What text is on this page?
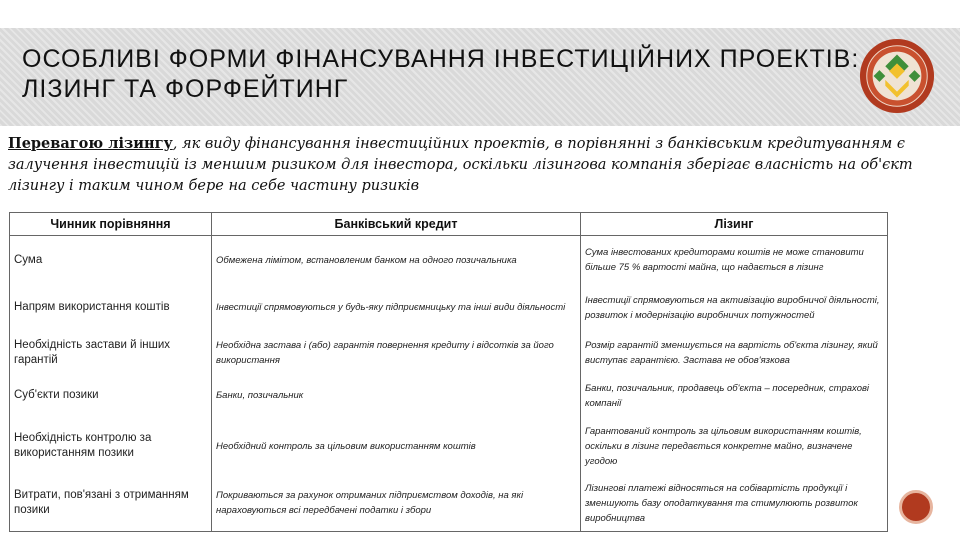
ОСОБЛИВІ ФОРМИ ФІНАНСУВАННЯ ІНВЕСТИЦІЙНИХ ПРОЕКТІВ:
ЛІЗИНГ ТА ФОРФЕЙТИНГ

Перевагою лізингу, як виду фінансування інвестиційних проектів, в порівнянні з банківським кредитуванням є залучення інвестицій із меншим ризиком для інвестора, оскільки лізингова компанія зберігає власність на об'єкт лізингу і таким чином бере на себе частину ризиків

Чинник порівняння	Банківський кредит	Лізинг
Сума	Обмежена лімітом, встановленим банком на одного позичальника	Сума інвестованих кредиторами коштів не може становити більше 75 % вартості майна, що надається в лізинг
Напрям використання коштів	Інвестиції спрямовуються у будь-яку підприємницьку та інші види діяльності	Інвестиції спрямовуються на активізацію виробничої діяльності, розвиток і модернізацію виробничих потужностей
Необхідність застави й інших гарантій	Необхідна застава і (або) гарантія повернення кредиту і відсотків за його використання	Розмір гарантій зменшується на вартість об'єкта лізингу, який виступає гарантією. Застава не обов'язкова
Суб'єкти позики	Банки, позичальник	Банки, позичальник, продавець об'єкта – посередник, страхові компанії
Необхідність контролю за використанням позики	Необхідний контроль за цільовим використанням коштів	Гарантований контроль за цільовим використанням коштів, оскільки в лізинг передається конкретне майно, визначене угодою
Витрати, пов'язані з отриманням позики	Покриваються за рахунок отриманих підприємством доходів, на які нараховуються всі передбачені податки і збори	Лізингові платежі відносяться на собівартість продукції і зменшують базу оподаткування та стимулюють розвиток виробництва
